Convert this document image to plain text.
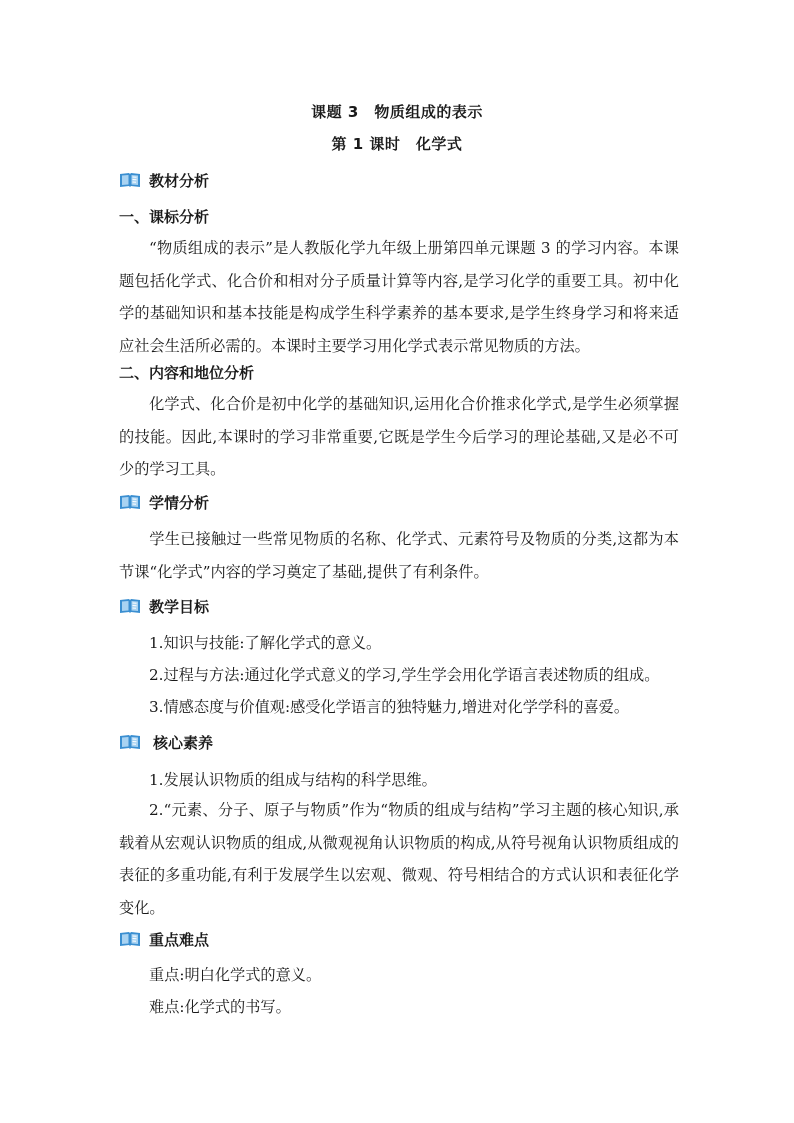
课题 3　物质组成的表示
第 1 课时　化学式
教材分析
一、课标分析
“物质组成的表示”是人教版化学九年级上册第四单元课题 3 的学习内容。本课题包括化学式、化合价和相对分子质量计算等内容,是学习化学的重要工具。初中化学的基础知识和基本技能是构成学生科学素养的基本要求,是学生终身学习和将来适应社会生活所必需的。本课时主要学习用化学式表示常见物质的方法。
二、内容和地位分析
化学式、化合价是初中化学的基础知识,运用化合价推求化学式,是学生必须掌握的技能。因此,本课时的学习非常重要,它既是学生今后学习的理论基础,又是必不可少的学习工具。
学情分析
学生已接触过一些常见物质的名称、化学式、元素符号及物质的分类,这都为本节课“化学式”内容的学习奠定了基础,提供了有利条件。
教学目标
1.知识与技能:了解化学式的意义。
2.过程与方法:通过化学式意义的学习,学生学会用化学语言表述物质的组成。
3.情感态度与价值观:感受化学语言的独特魅力,增进对化学学科的喜爱。
核心素养
1.发展认识物质的组成与结构的科学思维。
2.“元素、分子、原子与物质”作为“物质的组成与结构”学习主题的核心知识,承载着从宏观认识物质的组成,从微观视角认识物质的构成,从符号视角认识物质组成的表征的多重功能,有利于发展学生以宏观、微观、符号相结合的方式认识和表征化学变化。
重点难点
重点:明白化学式的意义。
难点:化学式的书写。
